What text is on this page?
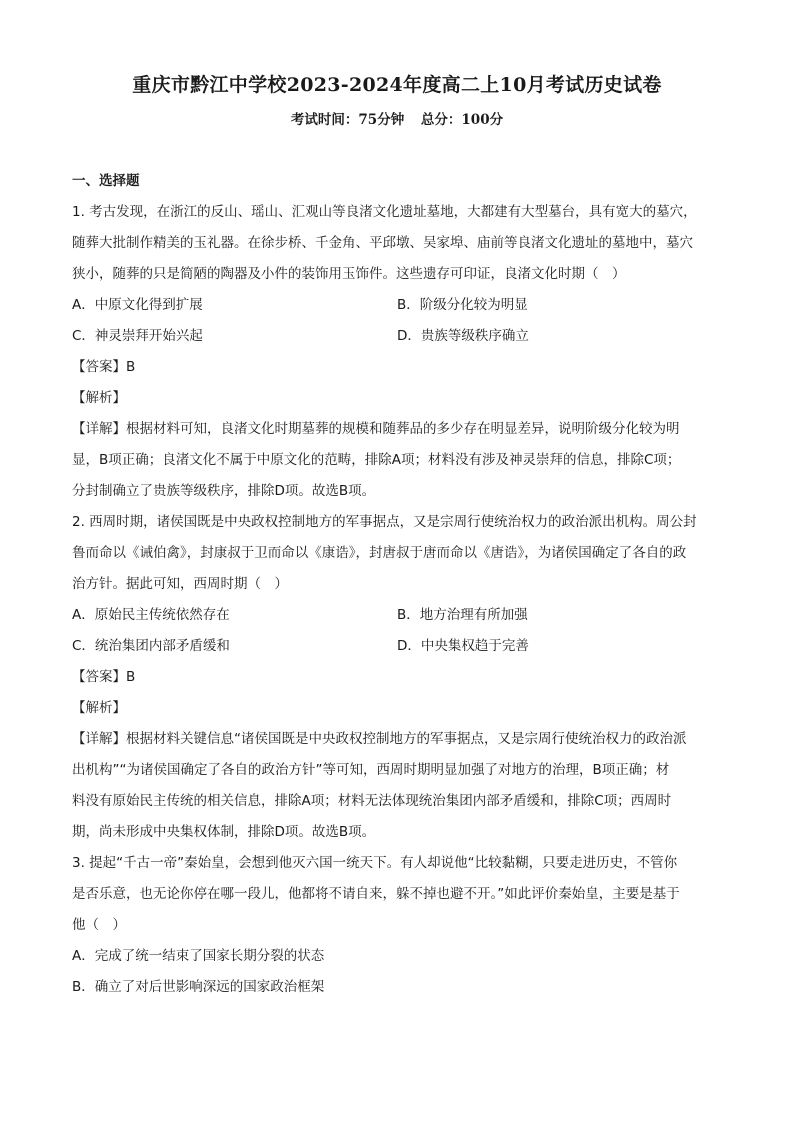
重庆市黔江中学校2023-2024年度高二上10月考试历史试卷
考试时间：75分钟 总分：100分
一、选择题
1. 考古发现，在浙江的反山、瑶山、汇观山等良渚文化遗址墓地，大都建有大型墓台，具有宽大的墓穴，
随葬大批制作精美的玉礼器。在徐步桥、千金角、平邱墩、吴家埠、庙前等良渚文化遗址的墓地中，墓穴
狭小，随葬的只是简陋的陶器及小件的装饰用玉饰件。这些遗存可印证，良渚文化时期（　）
A．中原文化得到扩展	B．阶级分化较为明显
C．神灵崇拜开始兴起	D．贵族等级秩序确立
【答案】B
【解析】
【详解】根据材料可知，良渚文化时期墓葬的规模和随葬品的多少存在明显差异，说明阶级分化较为明
显，B项正确；良渚文化不属于中原文化的范畴，排除A项；材料没有涉及神灵崇拜的信息，排除C项；
分封制确立了贵族等级秩序，排除D项。故选B项。
2. 西周时期，诸侯国既是中央政权控制地方的军事据点，又是宗周行使统治权力的政治派出机构。周公封
鲁而命以《诫伯禽》，封康叔于卫而命以《康诰》，封唐叔于唐而命以《唐诰》，为诸侯国确定了各自的政
治方针。据此可知，西周时期（　）
A．原始民主传统依然存在	B．地方治理有所加强
C．统治集团内部矛盾缓和	D．中央集权趋于完善
【答案】B
【解析】
【详解】根据材料关键信息“诸侯国既是中央政权控制地方的军事据点，又是宗周行使统治权力的政治派
出机构”“为诸侯国确定了各自的政治方针”等可知，西周时期明显加强了对地方的治理，B项正确；材
料没有原始民主传统的相关信息，排除A项；材料无法体现统治集团内部矛盾缓和，排除C项；西周时
期，尚未形成中央集权体制，排除D项。故选B项。
3. 提起“千古一帝”秦始皇，会想到他灭六国一统天下。有人却说他“比较黏糊，只要走进历史，不管你
是否乐意，也无论你停在哪一段儿，他都将不请自来，躲不掉也避不开。”如此评价秦始皇，主要是基于
他（　）
A．完成了统一结束了国家长期分裂的状态
B．确立了对后世影响深远的国家政治框架
